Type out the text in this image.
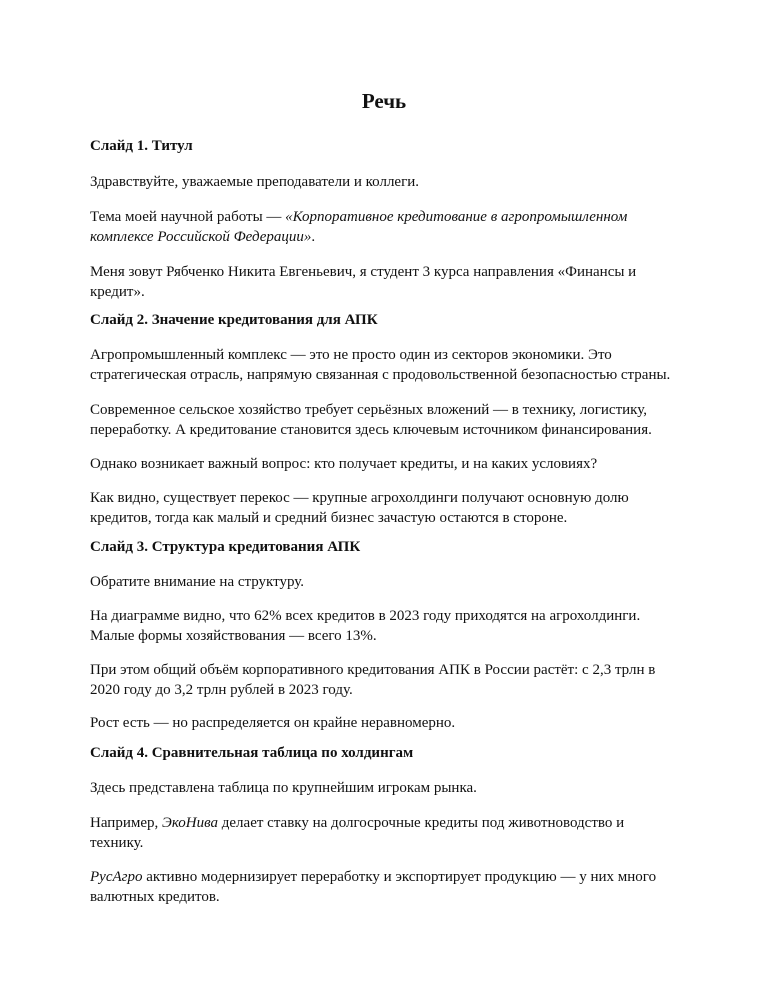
Речь
Слайд 1. Титул
Здравствуйте, уважаемые преподаватели и коллеги.
Тема моей научной работы — «Корпоративное кредитование в агропромышленном
комплексе Российской Федерации».
Меня зовут Рябченко Никита Евгеньевич, я студент 3 курса направления «Финансы и
кредит».
Слайд 2. Значение кредитования для АПК
Агропромышленный комплекс — это не просто один из секторов экономики. Это
стратегическая отрасль, напрямую связанная с продовольственной безопасностью страны.
Современное сельское хозяйство требует серьёзных вложений — в технику, логистику,
переработку. А кредитование становится здесь ключевым источником финансирования.
Однако возникает важный вопрос: кто получает кредиты, и на каких условиях?
Как видно, существует перекос — крупные агрохолдинги получают основную долю
кредитов, тогда как малый и средний бизнес зачастую остаются в стороне.
Слайд 3. Структура кредитования АПК
Обратите внимание на структуру.
На диаграмме видно, что 62% всех кредитов в 2023 году приходятся на агрохолдинги.
Малые формы хозяйствования — всего 13%.
При этом общий объём корпоративного кредитования АПК в России растёт: с 2,3 трлн в
2020 году до 3,2 трлн рублей в 2023 году.
Рост есть — но распределяется он крайне неравномерно.
Слайд 4. Сравнительная таблица по холдингам
Здесь представлена таблица по крупнейшим игрокам рынка.
Например, ЭкоНива делает ставку на долгосрочные кредиты под животноводство и
технику.
РусАгро активно модернизирует переработку и экспортирует продукцию — у них много
валютных кредитов.
